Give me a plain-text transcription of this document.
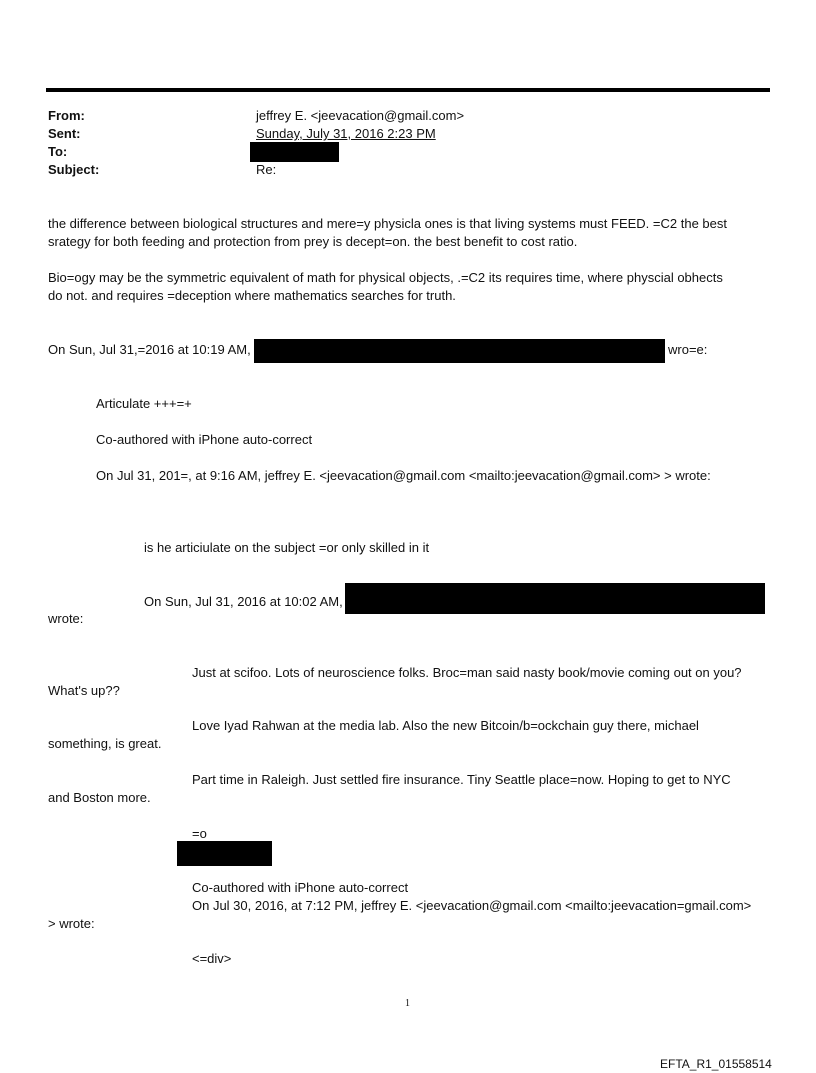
From:	jeffrey E. <jeevacation@gmail.com>
Sent:	Sunday, July 31, 2016 2:23 PM
To:
Subject:	Re:
the difference between biological structures and mere=y physicla ones is that living systems must FEED. =C2 the best
srategy for both feeding and protection from prey is decept=on. the best benefit to cost ratio.
Bio=ogy may be the symmetric equivalent of math for physical objects, .=C2 its requires time, where physcial obhects
do not. and requires =deception where mathematics searches for truth.
On Sun, Jul 31,=2016 at 10:19 AM,	wro=e:
Articulate +++=+
Co-authored with iPhone auto-correct
On Jul 31, 201=, at 9:16 AM, jeffrey E. <jeevacation@gmail.com <mailto:jeevacation@gmail.com> > wrote:
is he articiulate on the subject =or only skilled in it
On Sun, Jul 31, 2016 at 10:02 AM,
wrote:
Just at scifoo. Lots of neuroscience folks. Broc=man said nasty book/movie coming out on you?
What's up??
Love Iyad Rahwan at the media lab. Also the new Bitcoin/b=ockchain guy there, michael
something, is great.
Part time in Raleigh. Just settled fire insurance. Tiny Seattle place=now. Hoping to get to NYC
and Boston more.
=o
Co-authored with iPhone auto-correct
On Jul 30, 2016, at 7:12 PM, jeffrey E. <jeevacation@gmail.com <mailto:jeevacation=gmail.com>
> wrote:
<=div>
1
EFTA_R1_01558514
